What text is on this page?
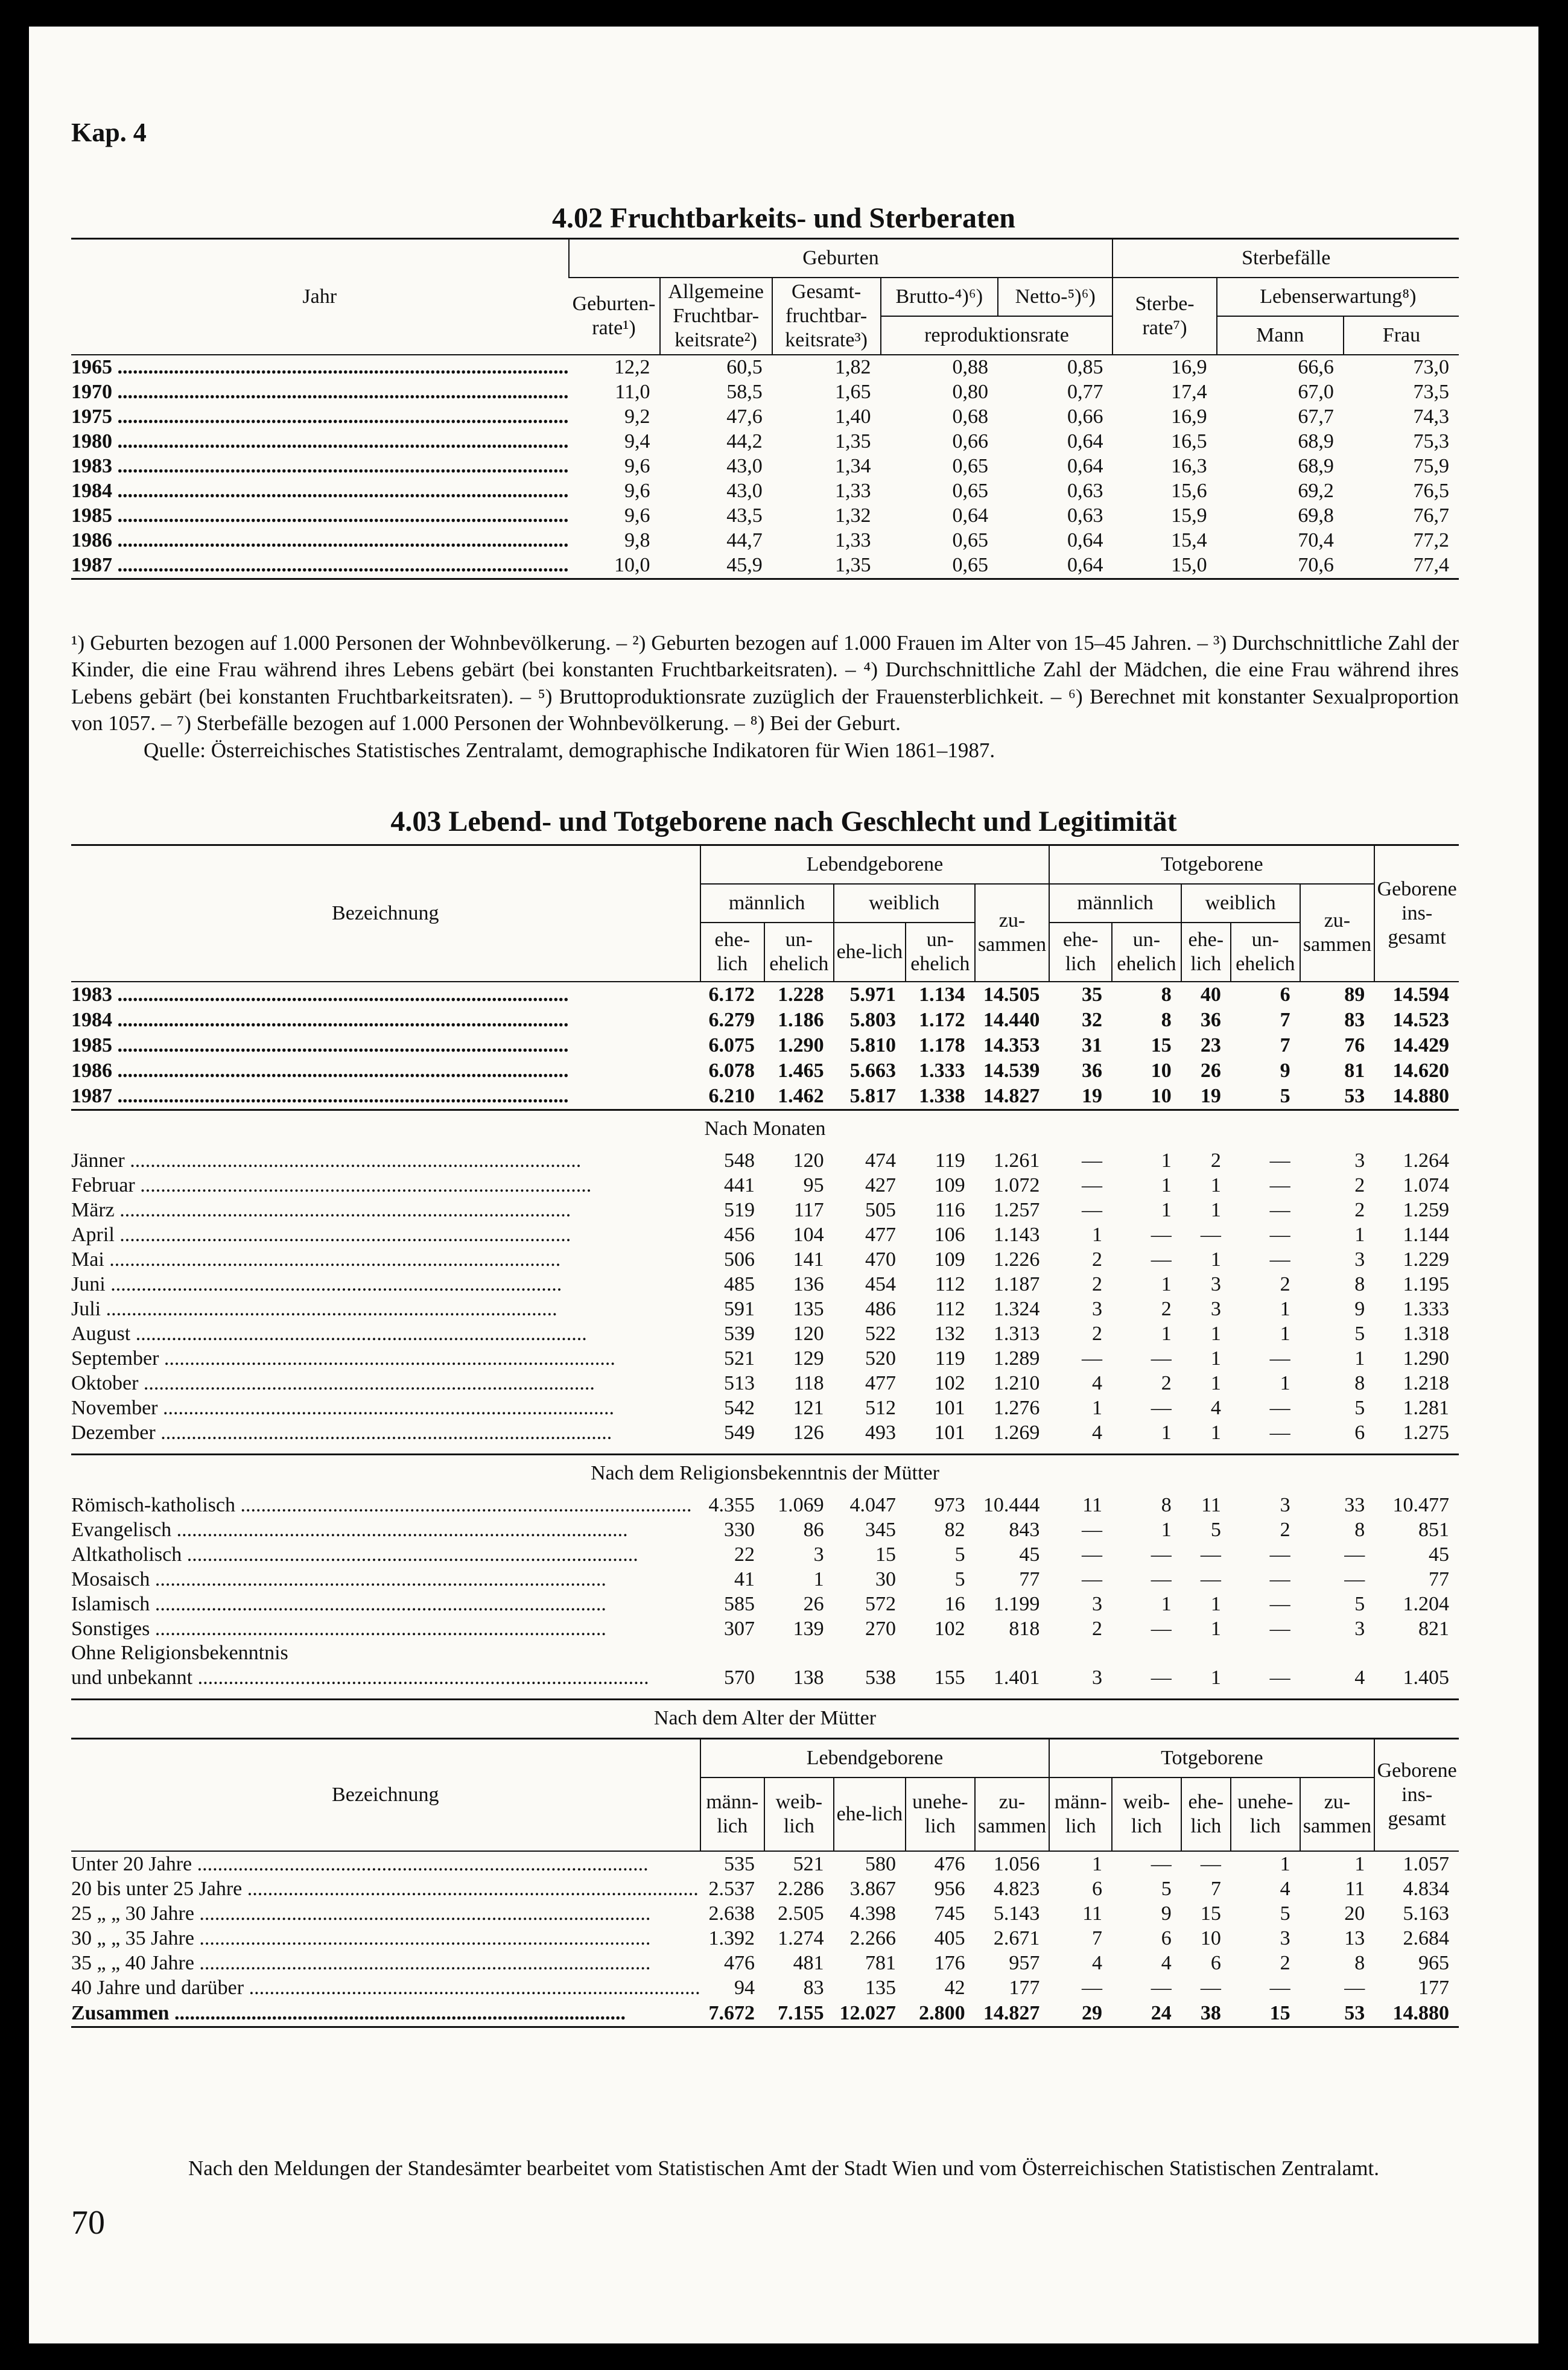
Kap. 4
4.02 Fruchtbarkeits- und Sterberaten
Jahr	Geburten					Sterbefälle		
	Geburten-rate¹)	Allgemeine Fruchtbar-keitsrate²)	Gesamt-fruchtbar-keitsrate³)	Brutto-⁴)⁶)	Netto-⁵)⁶)	Sterbe-rate⁷)	Lebenserwartung⁸)	
				reproduktionsrate			Mann	Frau
1965 .....	12,2	60,5	1,82	0,88	0,85	16,9	66,6	73,0
1970 .....	11,0	58,5	1,65	0,80	0,77	17,4	67,0	73,5
1975 .....	9,2	47,6	1,40	0,68	0,66	16,9	67,7	74,3
1980 .....	9,4	44,2	1,35	0,66	0,64	16,5	68,9	75,3
1983 .....	9,6	43,0	1,34	0,65	0,64	16,3	68,9	75,9
1984 .....	9,6	43,0	1,33	0,65	0,63	15,6	69,2	76,5
1985 .....	9,6	43,5	1,32	0,64	0,63	15,9	69,8	76,7
1986 .....	9,8	44,7	1,33	0,65	0,64	15,4	70,4	77,2
1987 .....	10,0	45,9	1,35	0,65	0,64	15,0	70,6	77,4
¹) Geburten bezogen auf 1.000 Personen der Wohnbevölkerung. – ²) Geburten bezogen auf 1.000 Frauen im Alter von 15–45 Jahren. – ³) Durchschnittliche Zahl der Kinder, die eine Frau während ihres Lebens gebärt (bei konstanten Fruchtbarkeitsraten). – ⁴) Durchschnittliche Zahl der Mädchen, die eine Frau während ihres Lebens gebärt (bei konstanten Fruchtbarkeitsraten). – ⁵) Bruttoproduktionsrate zuzüglich der Frauensterblichkeit. – ⁶) Berechnet mit konstanter Sexualproportion von 1057. – ⁷) Sterbefälle bezogen auf 1.000 Personen der Wohnbevölkerung. – ⁸) Bei der Geburt.
Quelle: Österreichisches Statistisches Zentralamt, demographische Indikatoren für Wien 1861–1987.
4.03 Lebend- und Totgeborene nach Geschlecht und Legitimität
Bezeichnung	Lebendgeborene					Totgeborene					Geborene ins-gesamt
	männlich		weiblich		zu-sammen	männlich		weiblich		zu-sammen	
	ehe-lich	un-ehelich	ehe-lich	un-ehelich		ehe-lich	un-ehelich	ehe-lich	un-ehelich		
1983 .....	6.172	1.228	5.971	1.134	14.505	35	8	40	6	89	14.594
1984 .....	6.279	1.186	5.803	1.172	14.440	32	8	36	7	83	14.523
1985 .....	6.075	1.290	5.810	1.178	14.353	31	15	23	7	76	14.429
1986 .....	6.078	1.465	5.663	1.333	14.539	36	10	26	9	81	14.620
1987 .....	6.210	1.462	5.817	1.338	14.827	19	10	19	5	53	14.880
Nach Monaten											
Jänner .....	548	120	474	119	1.261	—	1	2	—	3	1.264
Februar .....	441	95	427	109	1.072	—	1	1	—	2	1.074
März .....	519	117	505	116	1.257	—	1	1	—	2	1.259
April .....	456	104	477	106	1.143	1	—	—	—	1	1.144
Mai .....	506	141	470	109	1.226	2	—	1	—	3	1.229
Juni .....	485	136	454	112	1.187	2	1	3	2	8	1.195
Juli .....	591	135	486	112	1.324	3	2	3	1	9	1.333
August .....	539	120	522	132	1.313	2	1	1	1	5	1.318
September .....	521	129	520	119	1.289	—	—	1	—	1	1.290
Oktober .....	513	118	477	102	1.210	4	2	1	1	8	1.218
November .....	542	121	512	101	1.276	1	—	4	—	5	1.281
Dezember .....	549	126	493	101	1.269	4	1	1	—	6	1.275

Nach dem Religionsbekenntnis der Mütter											
Römisch-katholisch .....	4.355	1.069	4.047	973	10.444	11	8	11	3	33	10.477
Evangelisch .....	330	86	345	82	843	—	1	5	2	8	851
Altkatholisch .....	22	3	15	5	45	—	—	—	—	—	45
Mosaisch .....	41	1	30	5	77	—	—	—	—	—	77
Islamisch .....	585	26	572	16	1.199	3	1	1	—	5	1.204
Sonstiges .....	307	139	270	102	818	2	—	1	—	3	821
Ohne Religionsbekenntnis											
und unbekannt .....	570	138	538	155	1.401	3	—	1	—	4	1.405

Nach dem Alter der Mütter											
Bezeichnung	Lebendgeborene					Totgeborene					Geborene ins-gesamt
	männ-lich	weib-lich	ehe-lich	unehe-lich	zu-sammen	männ-lich	weib-lich	ehe-lich	unehe-lich	zu-sammen	
Unter 20 Jahre .....	535	521	580	476	1.056	1	—	—	1	1	1.057
20 bis unter 25 Jahre .....	2.537	2.286	3.867	956	4.823	6	5	7	4	11	4.834
25 „ „ 30 Jahre .....	2.638	2.505	4.398	745	5.143	11	9	15	5	20	5.163
30 „ „ 35 Jahre .....	1.392	1.274	2.266	405	2.671	7	6	10	3	13	2.684
35 „ „ 40 Jahre .....	476	481	781	176	957	4	4	6	2	8	965
40 Jahre und darüber .....	94	83	135	42	177	—	—	—	—	—	177
Zusammen .....	7.672	7.155	12.027	2.800	14.827	29	24	38	15	53	14.880
Nach den Meldungen der Standesämter bearbeitet vom Statistischen Amt der Stadt Wien und vom Österreichischen Statistischen Zentralamt.
70
